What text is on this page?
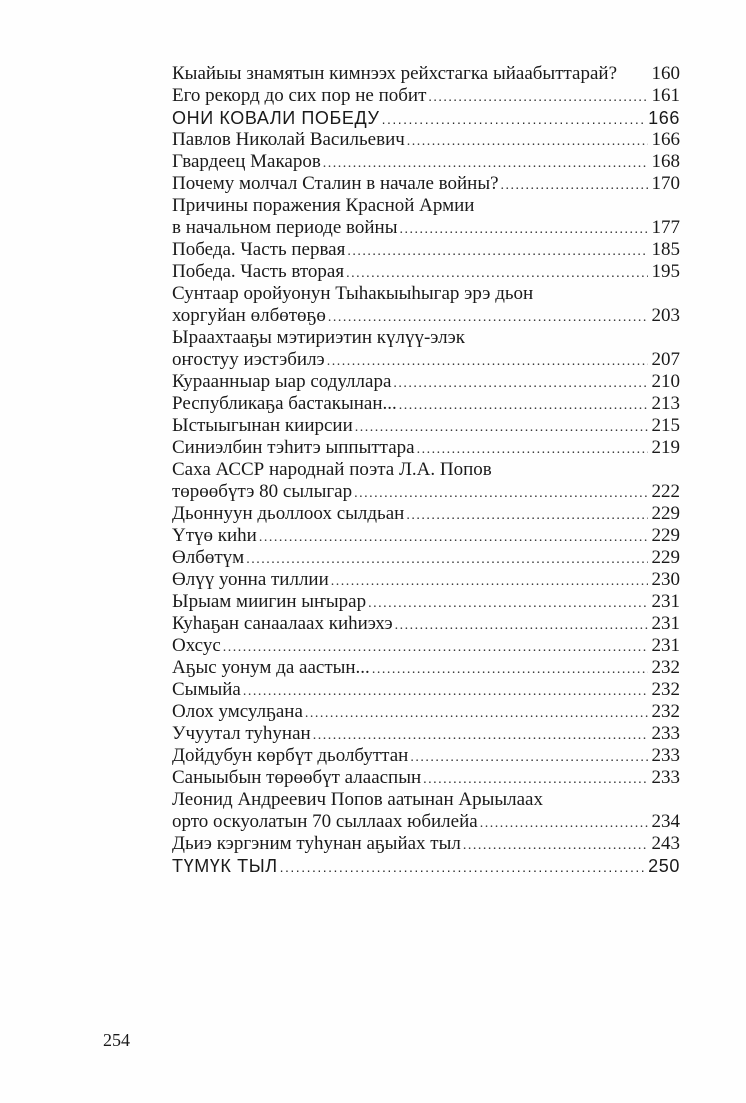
Кыайыы знамятын кимнээх рейхстагка ыйаабыттарай? 160
Его рекорд до сих пор не побит .....	161
ОНИ КОВАЛИ ПОБЕДУ .....	166
Павлов Николай Васильевич .....	166
Гвардеец Макаров .....	168
Почему молчал Сталин в начале войны? .....	170
Причины поражения Красной Армии
в начальном периоде войны .....	177
Победа. Часть первая .....	185
Победа. Часть вторая .....	195
Сунтаар оройуонун Тыһакыыһыгар эрэ дьон
хоргуйан өлбөтөҕө .....	203
Ыраахтааҕы мэтириэтин күлүү-элэк
оҥостуу иэстэбилэ .....	207
Кураанныар ыар содуллара .....	210
Республикаҕа бастакынан... .....	213
Ыстыыгынан киирсии .....	215
Синиэлбин тэһитэ ыппыттара .....	219
Саха АССР народнай поэта Л.А. Попов
төрөөбүтэ 80 сылыгар .....	222
Дьоннуун дьоллоох сылдьан .....	229
Үтүө киһи .....	229
Өлбөтүм .....	229
Өлүү уонна тиллии .....	230
Ырыам миигин ыҥырар .....	231
Куһаҕан санаалаах киһиэхэ .....	231
Охсус .....	231
Аҕыс уонум да аастын... .....	232
Сымыйа .....	232
Олох умсулҕана .....	232
Учуутал туһунан .....	233
Дойдубун көрбүт дьолбуттан .....	233
Саныыбын төрөөбүт алааспын .....	233
Леонид Андреевич Попов аатынан Арыылаах
орто оскуолатын 70 сыллаах юбилейа .....	234
Дьиэ кэргэним туһунан аҕыйах тыл .....	243
ТҮМҮК ТЫЛ .....	250
254
